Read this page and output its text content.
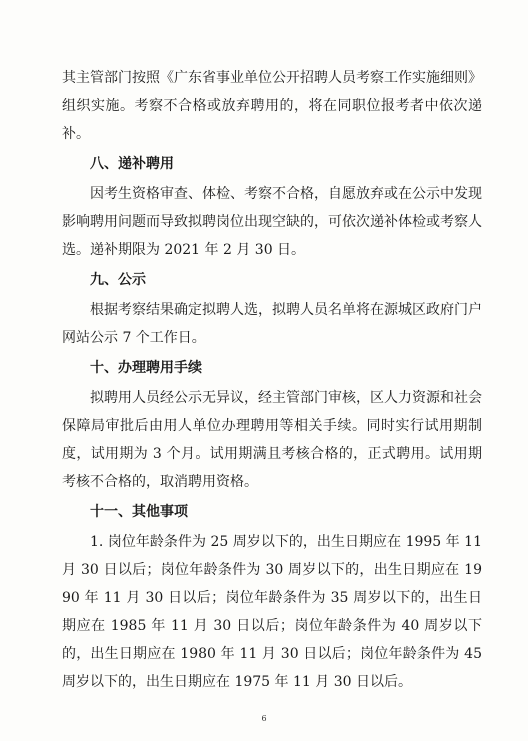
其主管部门按照《广东省事业单位公开招聘人员考察工作实施细则》组织实施。考察不合格或放弃聘用的，将在同职位报考者中依次递补。

八、递补聘用

因考生资格审查、体检、考察不合格，自愿放弃或在公示中发现影响聘用问题而导致拟聘岗位出现空缺的，可依次递补体检或考察人选。递补期限为 2021 年 2 月 30 日。

九、公示

根据考察结果确定拟聘人选，拟聘人员名单将在源城区政府门户网站公示 7 个工作日。

十、办理聘用手续

拟聘用人员经公示无异议，经主管部门审核，区人力资源和社会保障局审批后由用人单位办理聘用等相关手续。同时实行试用期制度，试用期为 3 个月。试用期满且考核合格的，正式聘用。试用期考核不合格的，取消聘用资格。

十一、其他事项

1. 岗位年龄条件为 25 周岁以下的，出生日期应在 1995 年 11 月 30 日以后；岗位年龄条件为 30 周岁以下的，出生日期应在 1990 年 11 月 30 日以后；岗位年龄条件为 35 周岁以下的，出生日期应在 1985 年 11 月 30 日以后；岗位年龄条件为 40 周岁以下的，出生日期应在 1980 年 11 月 30 日以后；岗位年龄条件为 45 周岁以下的，出生日期应在 1975 年 11 月 30 日以后。

6
